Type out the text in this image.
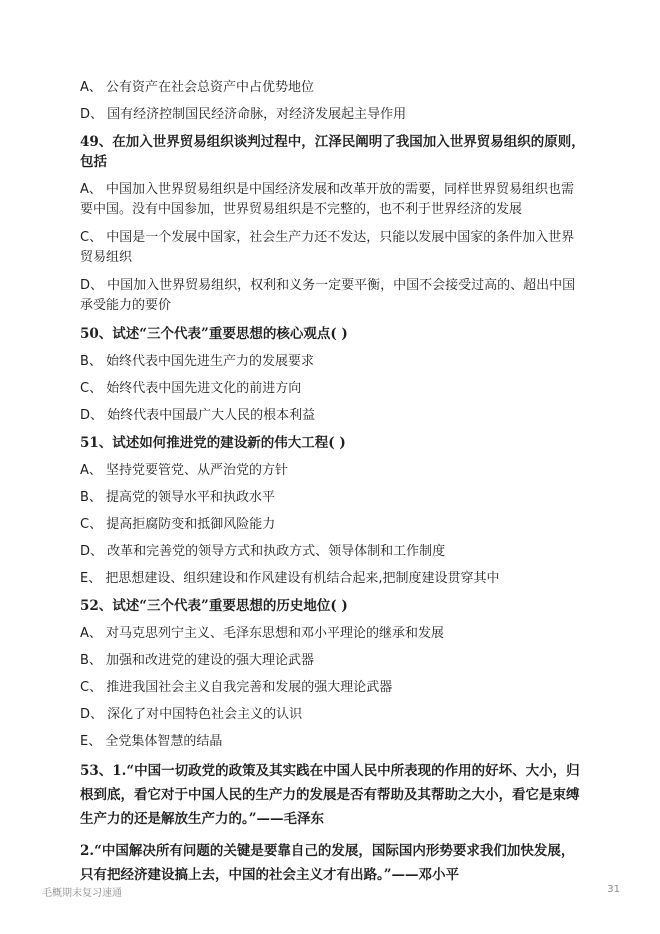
A、 公有资产在社会总资产中占优势地位

D、 国有经济控制国民经济命脉，对经济发展起主导作用

49、在加入世界贸易组织谈判过程中，江泽民阐明了我国加入世界贸易组织的原则，包括

A、 中国加入世界贸易组织是中国经济发展和改革开放的需要，同样世界贸易组织也需要中国。没有中国参加，世界贸易组织是不完整的，也不利于世界经济的发展

C、 中国是一个发展中国家，社会生产力还不发达，只能以发展中国家的条件加入世界贸易组织

D、 中国加入世界贸易组织，权利和义务一定要平衡，中国不会接受过高的、超出中国承受能力的要价

50、试述“三个代表”重要思想的核心观点( )

B、 始终代表中国先进生产力的发展要求

C、 始终代表中国先进文化的前进方向

D、 始终代表中国最广大人民的根本利益

51、试述如何推进党的建设新的伟大工程( )

A、 坚持党要管党、从严治党的方针

B、 提高党的领导水平和执政水平

C、 提高拒腐防变和抵御风险能力

D、 改革和完善党的领导方式和执政方式、领导体制和工作制度

E、 把思想建设、组织建设和作风建设有机结合起来,把制度建设贯穿其中

52、试述“三个代表”重要思想的历史地位( )

A、 对马克思列宁主义、毛泽东思想和邓小平理论的继承和发展

B、 加强和改进党的建设的强大理论武器

C、 推进我国社会主义自我完善和发展的强大理论武器

D、 深化了对中国特色社会主义的认识

E、 全党集体智慧的结晶

53、1.“中国一切政党的政策及其实践在中国人民中所表现的作用的好坏、大小，归根到底，看它对于中国人民的生产力的发展是否有帮助及其帮助之大小，看它是束缚生产力的还是解放生产力的。”——毛泽东

2.“中国解决所有问题的关键是要靠自己的发展，国际国内形势要求我们加快发展，只有把经济建设搞上去，中国的社会主义才有出路。”——邓小平

毛概期末复习速通	31
